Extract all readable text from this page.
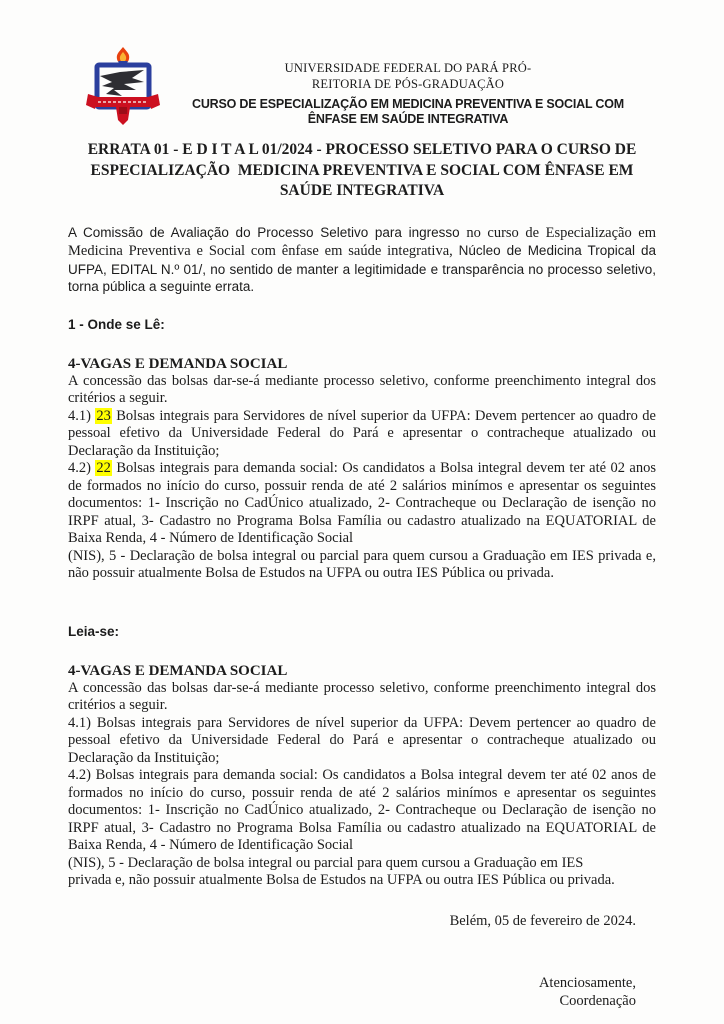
UNIVERSIDADE FEDERAL DO PARÁ PRÓ-
REITORIA DE PÓS-GRADUAÇÃO
CURSO DE ESPECIALIZAÇÃO EM MEDICINA PREVENTIVA E SOCIAL COM ÊNFASE EM SAÚDE INTEGRATIVA
ERRATA 01 - E D I T A L 01/2024 - PROCESSO SELETIVO PARA O CURSO DE ESPECIALIZAÇÃO  MEDICINA PREVENTIVA E SOCIAL COM ÊNFASE EM SAÚDE INTEGRATIVA

A Comissão de Avaliação do Processo Seletivo para ingresso no curso de Especialização em Medicina Preventiva e Social com ênfase em saúde integrativa, Núcleo de Medicina Tropical da UFPA, EDITAL N.º 01/, no sentido de manter a legitimidade e transparência no processo seletivo, torna pública a seguinte errata.

1 - Onde se Lê:
4-VAGAS E DEMANDA SOCIAL

A concessão das bolsas dar-se-á mediante processo seletivo, conforme preenchimento integral dos critérios a seguir.

4.1) 23 Bolsas integrais para Servidores de nível superior da UFPA: Devem pertencer ao quadro de pessoal efetivo da Universidade Federal do Pará e apresentar o contracheque atualizado ou Declaração da Instituição;

4.2) 22 Bolsas integrais para demanda social: Os candidatos a Bolsa integral devem ter até 02 anos de formados no início do curso, possuir renda de até 2 salários minímos e apresentar os seguintes documentos: 1- Inscrição no CadÚnico atualizado, 2- Contracheque ou Declaração de isenção no IRPF atual, 3- Cadastro no Programa Bolsa Família ou cadastro atualizado na EQUATORIAL de Baixa Renda, 4 - Número de Identificação Social

(NIS), 5 - Declaração de bolsa integral ou parcial para quem cursou a Graduação em IES privada e, não possuir atualmente Bolsa de Estudos na UFPA ou outra IES Pública ou privada.

Leia-se:
4-VAGAS E DEMANDA SOCIAL

A concessão das bolsas dar-se-á mediante processo seletivo, conforme preenchimento integral dos critérios a seguir.

4.1) Bolsas integrais para Servidores de nível superior da UFPA: Devem pertencer ao quadro de pessoal efetivo da Universidade Federal do Pará e apresentar o contracheque atualizado ou Declaração da Instituição;

4.2) Bolsas integrais para demanda social: Os candidatos a Bolsa integral devem ter até 02 anos de formados no início do curso, possuir renda de até 2 salários minímos e apresentar os seguintes documentos: 1- Inscrição no CadÚnico atualizado, 2- Contracheque ou Declaração de isenção no IRPF atual, 3- Cadastro no Programa Bolsa Família ou cadastro atualizado na EQUATORIAL de Baixa Renda, 4 - Número de Identificação Social

(NIS), 5 - Declaração de bolsa integral ou parcial para quem cursou a Graduação em IES
privada e, não possuir atualmente Bolsa de Estudos na UFPA ou outra IES Pública ou privada.
Belém, 05 de fevereiro de 2024.
Atenciosamente,
Coordenação
